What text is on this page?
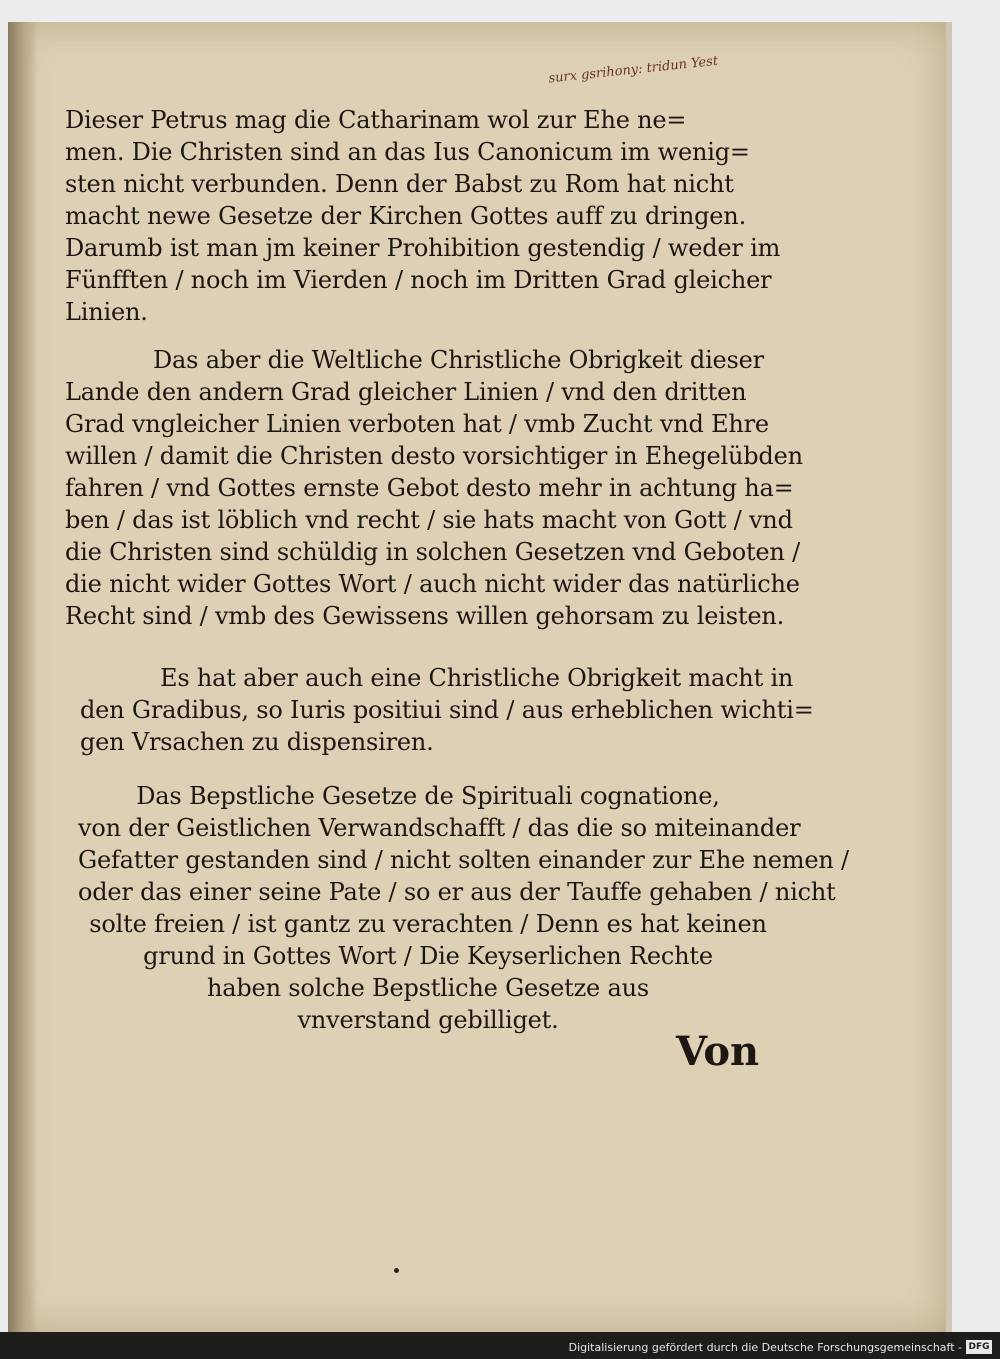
surx gsrihony: tridun Yest
Dieser Petrus mag die Catharinam wol zur Ehe ne=
men. Die Christen sind an das Ius Canonicum im wenig=
sten nicht verbunden. Denn der Babst zu Rom hat nicht
macht newe Gesetze der Kirchen Gottes auff zu dringen.
Darumb ist man jm keiner Prohibition gestendig / weder im
Fünfften / noch im Vierden / noch im Dritten Grad gleicher
Linien.
Das aber die Weltliche Christliche Obrigkeit dieser
Lande den andern Grad gleicher Linien / vnd den dritten
Grad vngleicher Linien verboten hat / vmb Zucht vnd Ehre
willen / damit die Christen desto vorsichtiger in Ehegelübden
fahren / vnd Gottes ernste Gebot desto mehr in achtung ha=
ben / das ist löblich vnd recht / sie hats macht von Gott / vnd
die Christen sind schüldig in solchen Gesetzen vnd Geboten /
die nicht wider Gottes Wort / auch nicht wider das natürliche
Recht sind / vmb des Gewissens willen gehorsam zu leisten.
Es hat aber auch eine Christliche Obrigkeit macht in
den Gradibus, so Iuris positiui sind / aus erheblichen wichti=
gen Vrsachen zu dispensiren.
Das Bepstliche Gesetze de Spirituali cognatione,
von der Geistlichen Verwandschafft / das die so miteinander
Gefatter gestanden sind / nicht solten einander zur Ehe nemen /
oder das einer seine Pate / so er aus der Tauffe gehaben / nicht
solte freien / ist gantz zu verachten / Denn es hat keinen
grund in Gottes Wort / Die Keyserlichen Rechte
haben solche Bepstliche Gesetze aus
vnverstand gebilliget.
Von
Digitalisierung gefördert durch die Deutsche Forschungsgemeinschaft - DFG
